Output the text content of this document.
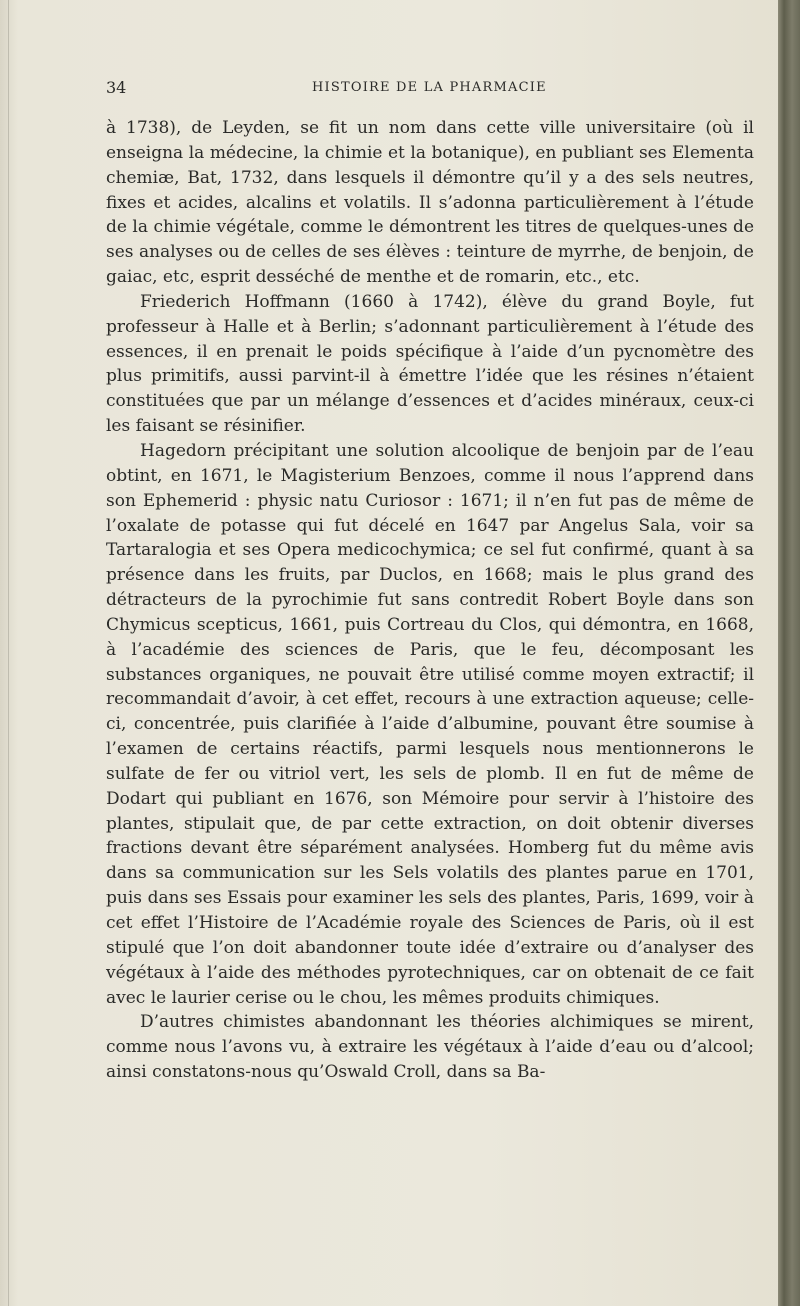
34	HISTOIRE DE LA PHARMACIE

à 1738), de Leyden, se fit un nom dans cette ville universitaire (où il enseigna la médecine, la chimie et la botanique), en publiant ses Elementa chemiæ, Bat, 1732, dans lesquels il démontre qu’il y a des sels neutres, fixes et acides, alcalins et volatils. Il s’adonna particulièrement à l’étude de la chimie végétale, comme le démontrent les titres de quelques-unes de ses analyses ou de celles de ses élèves : teinture de myrrhe, de benjoin, de gaiac, etc, esprit desséché de menthe et de romarin, etc., etc.

Friederich Hoffmann (1660 à 1742), élève du grand Boyle, fut professeur à Halle et à Berlin; s’adonnant particulièrement à l’étude des essences, il en prenait le poids spécifique à l’aide d’un pycnomètre des plus primitifs, aussi parvint-il à émettre l’idée que les résines n’étaient constituées que par un mélange d’essences et d’acides minéraux, ceux-ci les faisant se résinifier.

Hagedorn précipitant une solution alcoolique de benjoin par de l’eau obtint, en 1671, le Magisterium Benzoes, comme il nous l’apprend dans son Ephemerid : physic natu Curiosor : 1671; il n’en fut pas de même de l’oxalate de potasse qui fut décelé en 1647 par Angelus Sala, voir sa Tartaralogia et ses Opera medicochymica; ce sel fut confirmé, quant à sa présence dans les fruits, par Duclos, en 1668; mais le plus grand des détracteurs de la pyrochimie fut sans contredit Robert Boyle dans son Chymicus scepticus, 1661, puis Cortreau du Clos, qui démontra, en 1668, à l’académie des sciences de Paris, que le feu, décomposant les substances organiques, ne pouvait être utilisé comme moyen extractif; il recommandait d’avoir, à cet effet, recours à une extraction aqueuse; celle-ci, concentrée, puis clarifiée à l’aide d’albumine, pouvant être soumise à l’examen de certains réactifs, parmi lesquels nous mentionnerons le sulfate de fer ou vitriol vert, les sels de plomb. Il en fut de même de Dodart qui publiant en 1676, son Mémoire pour servir à l’histoire des plantes, stipulait que, de par cette extraction, on doit obtenir diverses fractions devant être séparément analysées. Homberg fut du même avis dans sa communication sur les Sels volatils des plantes parue en 1701, puis dans ses Essais pour examiner les sels des plantes, Paris, 1699, voir à cet effet l’Histoire de l’Académie royale des Sciences de Paris, où il est stipulé que l’on doit abandonner toute idée d’extraire ou d’analyser des végétaux à l’aide des méthodes pyrotechniques, car on obtenait de ce fait avec le laurier cerise ou le chou, les mêmes produits chimiques.

D’autres chimistes abandonnant les théories alchimiques se mirent, comme nous l’avons vu, à extraire les végétaux à l’aide d’eau ou d’alcool; ainsi constatons-nous qu’Oswald Croll, dans sa Ba-
